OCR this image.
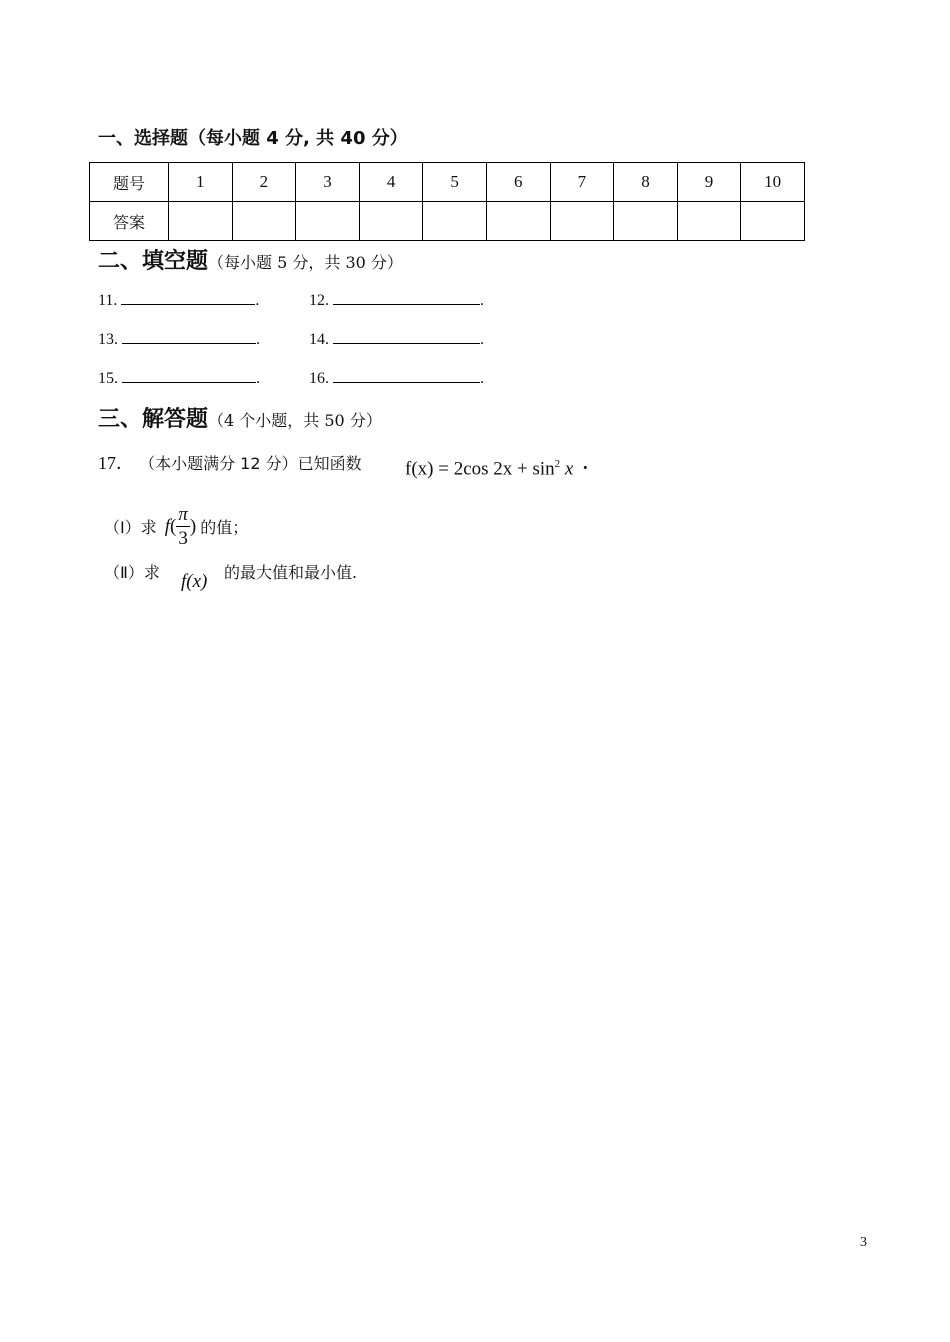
一、选择题（每小题 4 分, 共 40 分）
题号	1	2	3	4	5	6	7	8	9	10
答案										
二、填空题（每小题 5 分，共 30 分）
11.	.	12.	.
13.	.	14.	.
15.	.	16.	.
三、解答题（4 个小题，共 50 分）
17． （本小题满分 12 分）已知函数 f(x) = 2cos $2x + \sin^2 x$ ·
（Ⅰ）求 $f( \frac{\pi}{3}$ ) 的值；
（Ⅱ）求 f(x) 的最大值和最小值.
3
